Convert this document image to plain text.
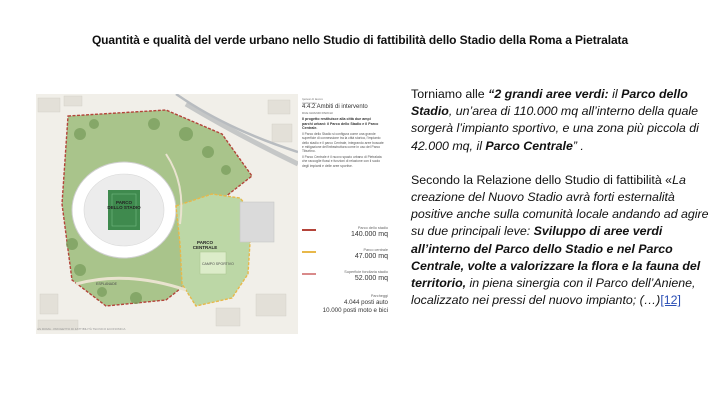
Quantità e qualità del verde urbano nello Studio di fattibilità dello Stadio della Roma a Pietralata
PARCO
DELLO STADIO
PARCO
CENTRALE
ESPLANADE
CAMPO SPORTIVO
Ipotesi di lavoro preliminare
4.4.2 Ambiti di intervento
DUE GRANDI PARCHI
Il progetto restituisce alla città due ampi parchi urbani: il Parco dello Stadio e il Parco Centrale.
Il Parco dello Stadio si configura come una grande superficie di connessione tra la città storica, l'impianto dello stadio e il parco Centrale, integrando aree boscate e mitigazione dell'infrastruttura come in uso del Parco Tiburtino.
Il Parco Centrale è il nuovo spazio urbano di Pietralata che raccoglie flussi e funzioni di relazione con il suolo degli impianti e delle aree sportive.
Parco dello stadio
140.000 mq
Parco centrale
47.000 mq
Superficie fondiaria stadio
52.000 mq
Parcheggi
4.044 posti auto
10.000 posti moto e bici
AS ROMA · PROGETTO DI FATTIBILITÀ TECNICO ECONOMICA

Torniamo alle “2 grandi aree verdi: il Parco dello Stadio, un’area di 110.000 mq all’interno della quale sorgerà l’impianto sportivo, e una zona più piccola di 42.000 mq, il Parco Centrale” .

Secondo la Relazione dello Studio di fattibilità «La creazione del Nuovo Stadio avrà forti esternalità positive anche sulla comunità locale andando ad agire su due principali leve: Sviluppo di aree verdi all’interno del Parco dello Stadio e nel Parco Centrale, volte a valorizzare la flora e la fauna del territorio, in piena sinergia con il Parco dell’Aniene, localizzato nei pressi del nuovo impianto; (…)[12]
